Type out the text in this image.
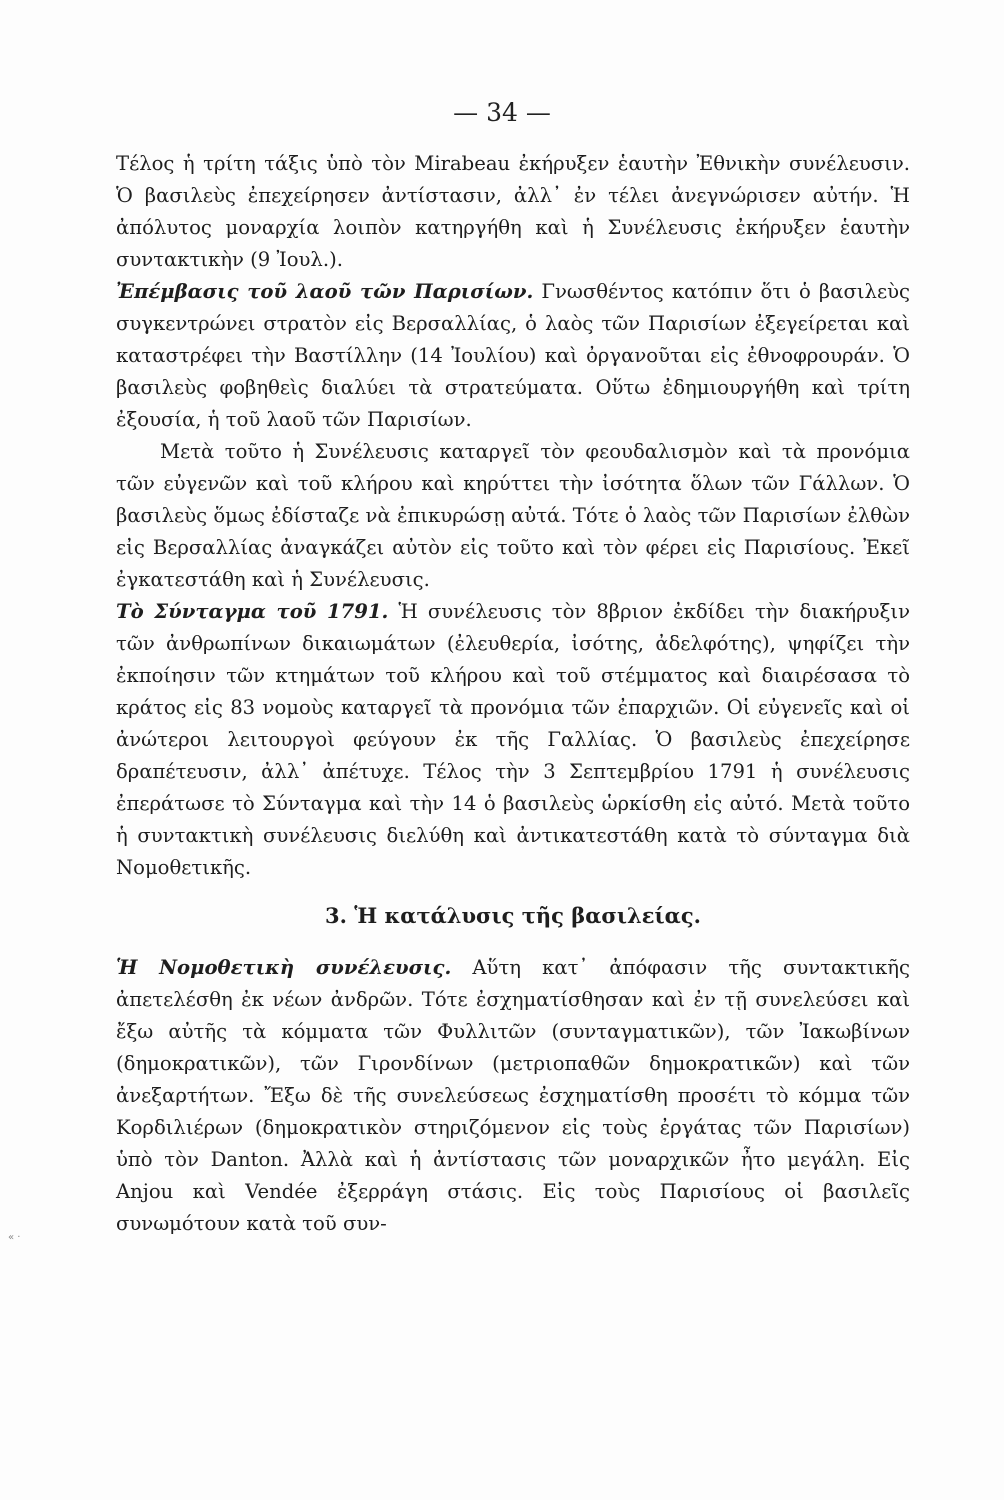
— 34 —

Τέλος ἡ τρίτη τάξις ὑπὸ τὸν Mirabeau ἐκήρυξεν ἑαυτὴν Ἐθνικὴν συνέλευσιν. Ὁ βασιλεὺς ἐπεχείρησεν ἀντίστασιν, ἀλλ᾽ ἐν τέλει ἀνεγνώρισεν αὐτήν. Ἡ ἀπόλυτος μοναρχία λοιπὸν κατηργήθη καὶ ἡ Συνέλευσις ἐκήρυξεν ἑαυτὴν συντακτικὴν (9 Ἰουλ.).

Ἐπέμβασις τοῦ λαοῦ τῶν Παρισίων. Γνωσθέντος κατόπιν ὅτι ὁ βασιλεὺς συγκεντρώνει στρατὸν εἰς Βερσαλλίας, ὁ λαὸς τῶν Παρισίων ἐξεγείρεται καὶ καταστρέφει τὴν Βαστίλλην (14 Ἰουλίου) καὶ ὀργανοῦται εἰς ἐθνοφρουράν. Ὁ βασιλεὺς φοβηθεὶς διαλύει τὰ στρατεύματα. Οὕτω ἐδημιουργήθη καὶ τρίτη ἐξουσία, ἡ τοῦ λαοῦ τῶν Παρισίων.

Μετὰ τοῦτο ἡ Συνέλευσις καταργεῖ τὸν φεουδαλισμὸν καὶ τὰ προνόμια τῶν εὐγενῶν καὶ τοῦ κλήρου καὶ κηρύττει τὴν ἰσότητα ὅλων τῶν Γάλλων. Ὁ βασιλεὺς ὅμως ἐδίσταζε νὰ ἐπικυρώσῃ αὐτά. Τότε ὁ λαὸς τῶν Παρισίων ἐλθὼν εἰς Βερσαλλίας ἀναγκάζει αὐτὸν εἰς τοῦτο καὶ τὸν φέρει εἰς Παρισίους. Ἐκεῖ ἐγκατεστάθη καὶ ἡ Συνέλευσις.

Τὸ Σύνταγμα τοῦ 1791. Ἡ συνέλευσις τὸν 8βριον ἐκδίδει τὴν διακήρυξιν τῶν ἀνθρωπίνων δικαιωμάτων (ἐλευθερία, ἰσότης, ἀδελφότης), ψηφίζει τὴν ἐκποίησιν τῶν κτημάτων τοῦ κλήρου καὶ τοῦ στέμματος καὶ διαιρέσασα τὸ κράτος εἰς 83 νομοὺς καταργεῖ τὰ προνόμια τῶν ἐπαρχιῶν. Οἱ εὐγενεῖς καὶ οἱ ἀνώτεροι λειτουργοὶ φεύγουν ἐκ τῆς Γαλλίας. Ὁ βασιλεὺς ἐπεχείρησε δραπέτευσιν, ἀλλ᾽ ἀπέτυχε. Τέλος τὴν 3 Σεπτεμβρίου 1791 ἡ συνέλευσις ἐπεράτωσε τὸ Σύνταγμα καὶ τὴν 14 ὁ βασιλεὺς ὡρκίσθη εἰς αὐτό. Μετὰ τοῦτο ἡ συντακτικὴ συνέλευσις διελύθη καὶ ἀντικατεστάθη κατὰ τὸ σύνταγμα διὰ Νομοθετικῆς.

3. Ἡ κατάλυσις τῆς βασιλείας.

Ἡ Νομοθετικὴ συνέλευσις. Αὕτη κατ᾽ ἀπόφασιν τῆς συντακτικῆς ἀπετελέσθη ἐκ νέων ἀνδρῶν. Τότε ἐσχηματίσθησαν καὶ ἐν τῇ συνελεύσει καὶ ἔξω αὐτῆς τὰ κόμματα τῶν Φυλλιτῶν (συνταγματικῶν), τῶν Ἰακωβίνων (δημοκρατικῶν), τῶν Γιρονδίνων (μετριοπαθῶν δημοκρατικῶν) καὶ τῶν ἀνεξαρτήτων. Ἔξω δὲ τῆς συνελεύσεως ἐσχηματίσθη προσέτι τὸ κόμμα τῶν Κορδιλιέρων (δημοκρατικὸν στηριζόμενον εἰς τοὺς ἐργάτας τῶν Παρισίων) ὑπὸ τὸν Danton. Ἀλλὰ καὶ ἡ ἀντίστασις τῶν μοναρχικῶν ἦτο μεγάλη. Εἰς Anjou καὶ Vendée ἐξερράγη στάσις. Εἰς τοὺς Παρισίους οἱ βασιλεῖς συνωμότουν κατὰ τοῦ συν-

« ·
